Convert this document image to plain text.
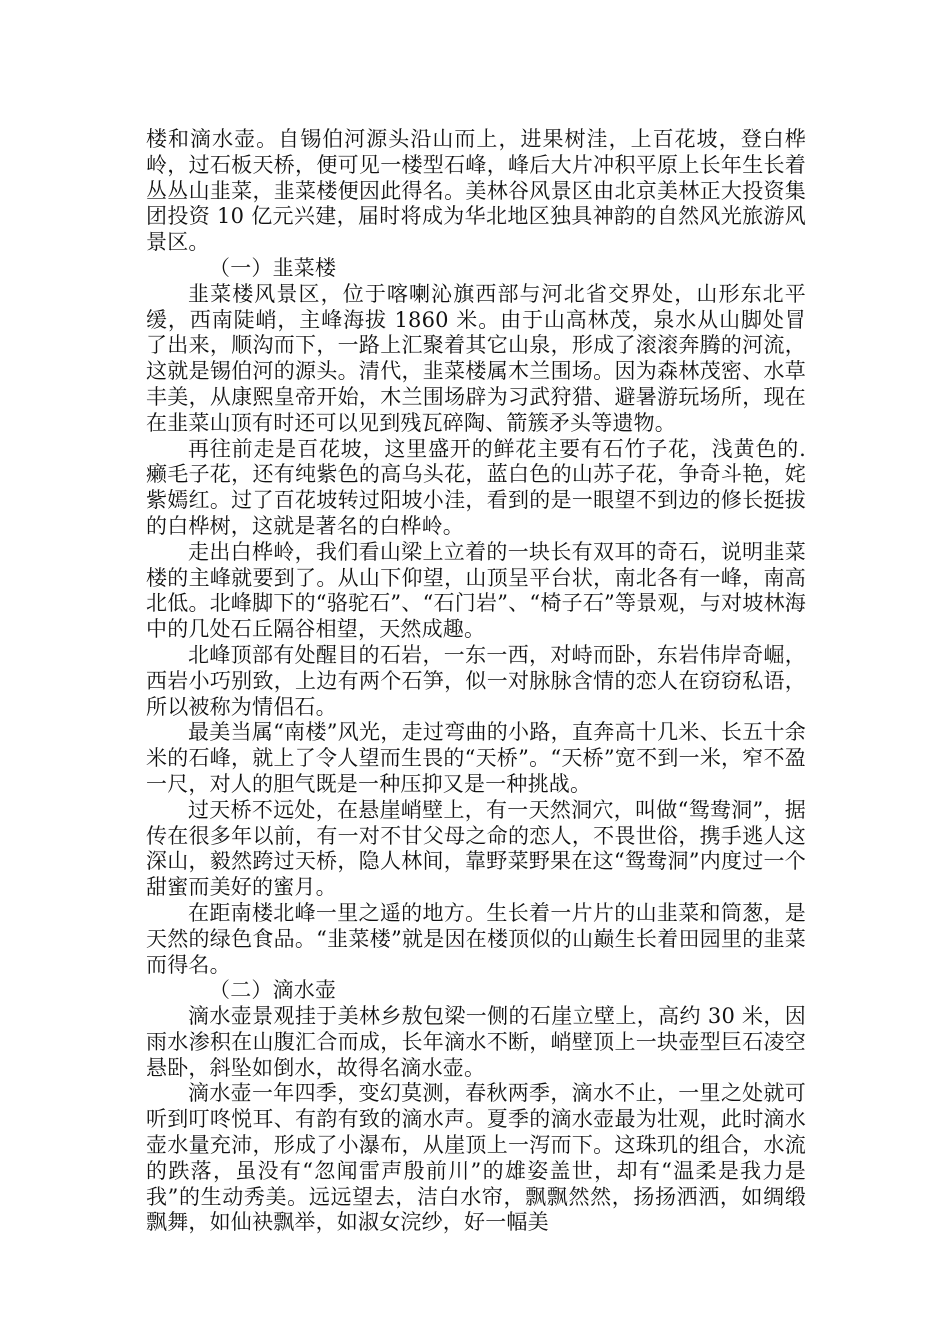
楼和滴水壶。自锡伯河源头沿山而上，进果树洼，上百花坡，登白桦岭，过石板天桥，便可见一楼型石峰，峰后大片冲积平原上长年生长着丛丛山韭菜，韭菜楼便因此得名。美林谷风景区由北京美林正大投资集团投资 10 亿元兴建，届时将成为华北地区独具神韵的自然风光旅游风景区。

（一）韭菜楼

韭菜楼风景区，位于喀喇沁旗西部与河北省交界处，山形东北平缓，西南陡峭，主峰海拔 1860 米。由于山高林茂，泉水从山脚处冒了出来，顺沟而下，一路上汇聚着其它山泉，形成了滚滚奔腾的河流，这就是锡伯河的源头。清代，韭菜楼属木兰围场。因为森林茂密、水草丰美，从康熙皇帝开始，木兰围场辟为习武狩猎、避暑游玩场所，现在在韭菜山顶有时还可以见到残瓦碎陶、箭簇矛头等遗物。

再往前走是百花坡，这里盛开的鲜花主要有石竹子花，浅黄色的.癞毛子花，还有纯紫色的高乌头花，蓝白色的山苏子花，争奇斗艳，姹紫嫣红。过了百花坡转过阳坡小洼，看到的是一眼望不到边的修长挺拔的白桦树，这就是著名的白桦岭。

走出白桦岭，我们看山梁上立着的一块长有双耳的奇石，说明韭菜楼的主峰就要到了。从山下仰望，山顶呈平台状，南北各有一峰，南高北低。北峰脚下的“骆驼石”、“石门岩”、“椅子石”等景观，与对坡林海中的几处石丘隔谷相望，天然成趣。

北峰顶部有处醒目的石岩，一东一西，对峙而卧，东岩伟岸奇崛，西岩小巧别致，上边有两个石笋，似一对脉脉含情的恋人在窃窃私语，所以被称为情侣石。

最美当属“南楼”风光，走过弯曲的小路，直奔高十几米、长五十余米的石峰，就上了令人望而生畏的“天桥”。“天桥”宽不到一米，窄不盈一尺，对人的胆气既是一种压抑又是一种挑战。

过天桥不远处，在悬崖峭壁上，有一天然洞穴，叫做“鸳鸯洞”，据传在很多年以前，有一对不甘父母之命的恋人，不畏世俗，携手逃人这深山，毅然跨过天桥，隐人林间，靠野菜野果在这“鸳鸯洞”内度过一个甜蜜而美好的蜜月。

在距南楼北峰一里之遥的地方。生长着一片片的山韭菜和筒葱，是天然的绿色食品。“韭菜楼”就是因在楼顶似的山巅生长着田园里的韭菜而得名。

（二）滴水壶

滴水壶景观挂于美林乡敖包梁一侧的石崖立壁上，高约 30 米，因雨水渗积在山腹汇合而成，长年滴水不断，峭壁顶上一块壶型巨石凌空悬卧，斜坠如倒水，故得名滴水壶。

滴水壶一年四季，变幻莫测，春秋两季，滴水不止，一里之处就可听到叮咚悦耳、有韵有致的滴水声。夏季的滴水壶最为壮观，此时滴水壶水量充沛，形成了小瀑布，从崖顶上一泻而下。这珠玑的组合，水流的跌落，虽没有“忽闻雷声殷前川”的雄姿盖世，却有“温柔是我力是我”的生动秀美。远远望去，洁白水帘，飘飘然然，扬扬洒洒，如绸缎飘舞，如仙袂飘举，如淑女浣纱，好一幅美
